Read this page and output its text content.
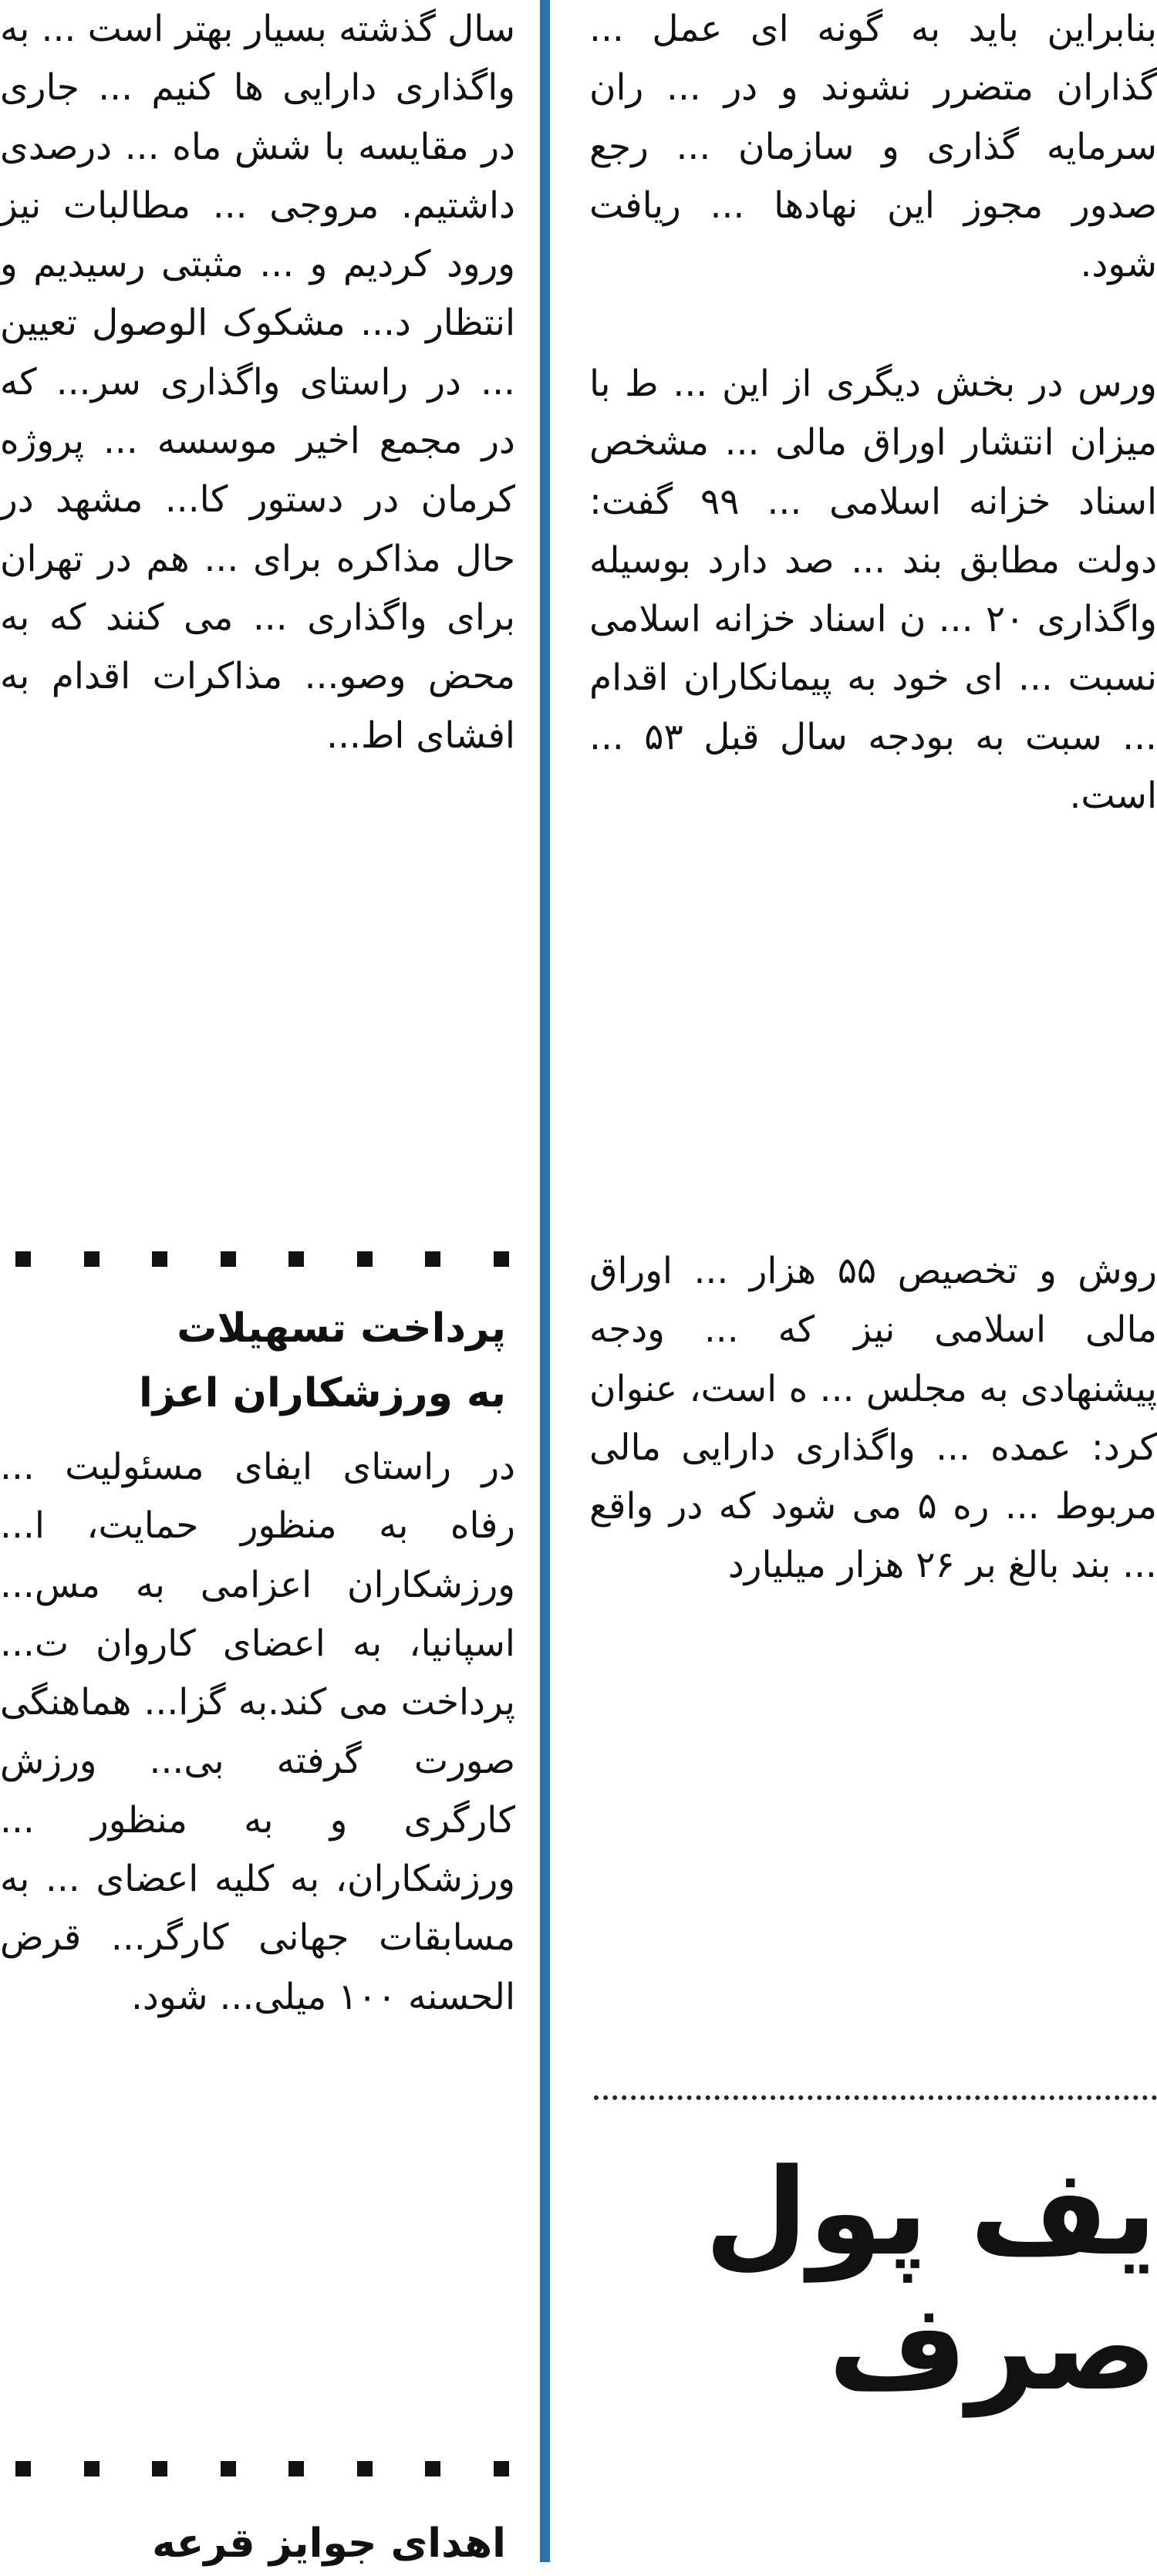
سال گذشته بسیار بهتر است ... به واگذاری دارایی ها کنیم ... جاری در مقایسه با شش ماه ... درصدی داشتیم. مروجی ... مطالبات نیز ورود کردیم و ... مثبتی رسیدیم و انتظار د... مشکوک الوصول تعیین ... در راستای واگذاری سر... که در مجمع اخیر موسسه ... پروژه کرمان در دستور کا... مشهد در حال مذاکره برای ... هم در تهران برای واگذاری ... می کنند که به محض وصو... مذاکرات اقدام به افشای اط...

پرداخت تسهیلات
به ورزشکاران اعزا

در راستای ایفای مسئولیت ... رفاه به منظور حمایت، ا... ورزشکاران اعزامی به مس... اسپانیا، به اعضای کاروان ت... پرداخت می کند.به گزا... هماهنگی صورت گرفته بی... ورزش کارگری و به منظور ... ورزشکاران، به کلیه اعضای ... به مسابقات جهانی کارگر... قرض الحسنه ۱۰۰ میلی... شود.

اهدای جوایز قرعه

بنابراین باید به گونه ای عمل ... گذاران متضرر نشوند و در ... ران سرمایه گذاری و سازمان ... رجع صدور مجوز این نهادها ... ریافت شود.

ورس در بخش دیگری از این ... ط با میزان انتشار اوراق مالی ... مشخص اسناد خزانه اسلامی ... ۹۹ گفت: دولت مطابق بند ... صد دارد بوسیله واگذاری ۲۰ ... ن اسناد خزانه اسلامی نسبت ... ای خود به پیمانکاران اقدام ... سبت به بودجه سال قبل ۵۳ ... است.

روش و تخصیص ۵۵ هزار ... اوراق مالی اسلامی نیز که ... ودجه پیشنهادی به مجلس ... ه است، عنوان کرد: عمده ... واگذاری دارایی مالی مربوط ... ره ۵ می شود که در واقع ... بند بالغ بر ۲۶ هزار میلیارد

یف پول
صرف
